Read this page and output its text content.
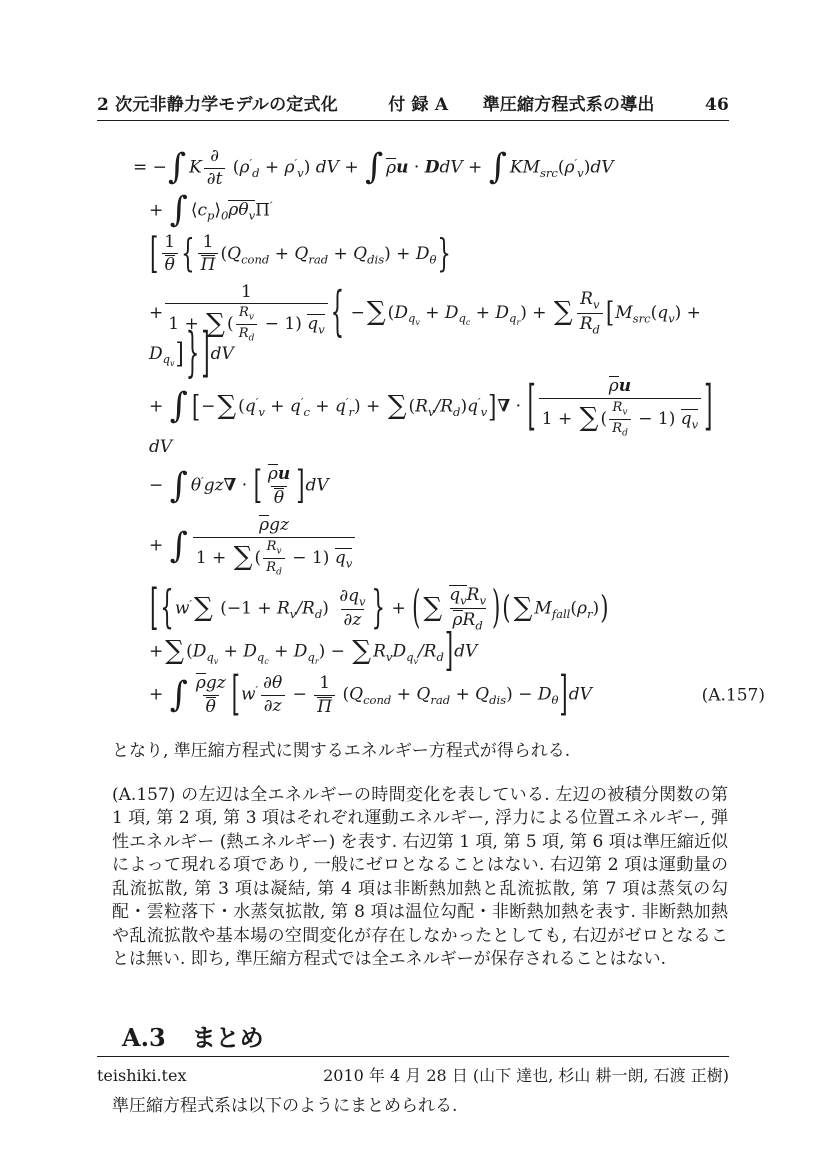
2 次元非静力学モデルの定式化	付 録 A　　準圧縮方程式系の導出	46
= −∫ K
∂
∂t
$(\rho'_d + \rho'_v)$ dV + ∫ ρu · DdV + ∫ $KM_{src}(\rho'_v)dV$
+ ∫ $⟨c_p⟩_0\rho\theta_v\Pi'$
[ $\frac{1}{\theta}$ { $\frac{1}{\Pi} (Q_{cond} + Q_{rad} + Q_{dis}) + D_\theta$}
+
1
1 + ∑ ( $\frac{R_v}{R_d} - 1$) $q_v$ { −∑ $(D_{q_v} + D_{q_c} + D_{q_r})$ + ∑ $\frac{R_v}{R_d} [M_{src}(q_v) + D_{q_v}]\}]dV$
+ ∫ [−∑ $(q'_v + q'_c + q'_r)$ + ∑ $(R_v/R_d)q'_v]\nabla$ · [	ρu
1 + ∑ ( $\frac{R_v}{R_d} - 1$) $q_v$ ]dV
− ∫ θ′gz∇ · [ $\frac{\rho u}{\theta} ]dV$
+ ∫
ρgz
1 + ∑ ( $\frac{R_v}{R_d} - 1$) $q_v$
[{w′∑ $(-1 + R_v/R_d) \frac{\partial q_v}{\partial z}$ } + ( ∑ $q_vR_v$
$\rho R_d$ )( ∑ $M_{fall}(\rho_r)$)
+∑ $(D_{q_v} + D_{q_c} + D_{q_r})$ − ∑ $R_vD_{q_v}/R_d]dV$
+ ∫ ρgz
θ $[w' \frac{\partial\theta}{\partial z} - \frac{1}{\Pi} (Q_{cond} + Q_{rad} + Q_{dis}) - D_\theta]dV$	(A.157)
となり, 準圧縮方程式に関するエネルギー方程式が得られる.
(A.157) の左辺は全エネルギーの時間変化を表している. 左辺の被積分関数の第 1 項, 第 2 項, 第 3 項はそれぞれ運動エネルギー, 浮力による位置エネルギー, 弾性エネルギー (熱エネルギー) を表す. 右辺第 1 項, 第 5 項, 第 6 項は準圧縮近似によって現れる項であり, 一般にゼロとなることはない. 右辺第 2 項は運動量の乱流拡散, 第 3 項は凝結, 第 4 項は非断熱加熱と乱流拡散, 第 7 項は蒸気の勾配・雲粒落下・水蒸気拡散, 第 8 項は温位勾配・非断熱加熱を表す. 非断熱加熱や乱流拡散や基本場の空間変化が存在しなかったとしても, 右辺がゼロとなることは無い. 即ち, 準圧縮方程式では全エネルギーが保存されることはない.
A.3 まとめ
準圧縮方程式系は以下のようにまとめられる.
teishiki.tex	2010 年 4 月 28 日 (山下 達也, 杉山 耕一朗, 石渡 正樹)
